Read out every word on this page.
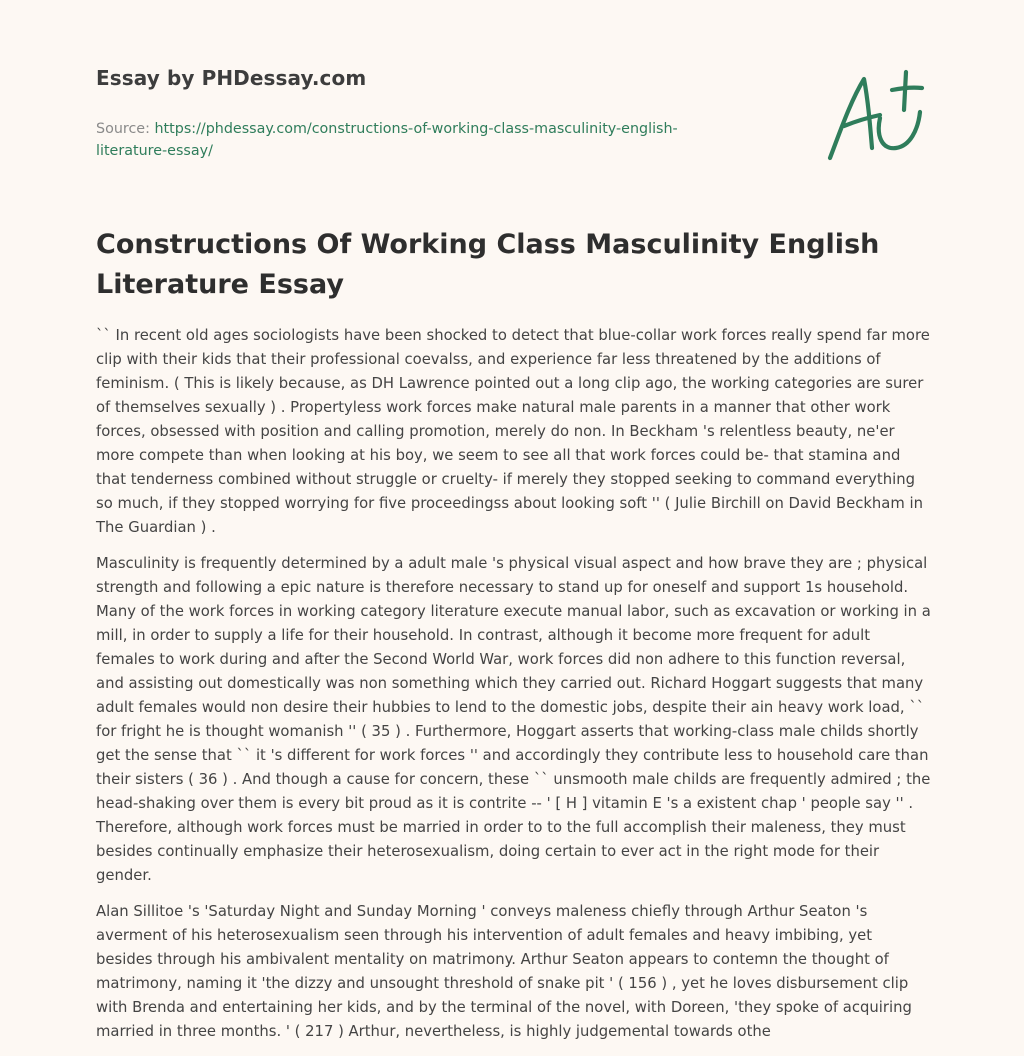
Essay by PHDessay.com
Source: https://phdessay.com/constructions-of-working-class-masculinity-english-
literature-essay/
Constructions Of Working Class Masculinity English Literature Essay

`` In recent old ages sociologists have been shocked to detect that blue-collar work forces really spend far more clip with their kids that their professional coevalss, and experience far less threatened by the additions of feminism. ( This is likely because, as DH Lawrence pointed out a long clip ago, the working categories are surer of themselves sexually ) . Propertyless work forces make natural male parents in a manner that other work forces, obsessed with position and calling promotion, merely do non. In Beckham 's relentless beauty, ne'er more compete than when looking at his boy, we seem to see all that work forces could be- that stamina and that tenderness combined without struggle or cruelty- if merely they stopped seeking to command everything so much, if they stopped worrying for five proceedingss about looking soft '' ( Julie Birchill on David Beckham in The Guardian ) .

Masculinity is frequently determined by a adult male 's physical visual aspect and how brave they are ; physical strength and following a epic nature is therefore necessary to stand up for oneself and support 1s household. Many of the work forces in working category literature execute manual labor, such as excavation or working in a mill, in order to supply a life for their household. In contrast, although it become more frequent for adult females to work during and after the Second World War, work forces did non adhere to this function reversal, and assisting out domestically was non something which they carried out. Richard Hoggart suggests that many adult females would non desire their hubbies to lend to the domestic jobs, despite their ain heavy work load, `` for fright he is thought womanish '' ( 35 ) . Furthermore, Hoggart asserts that working-class male childs shortly get the sense that `` it 's different for work forces '' and accordingly they contribute less to household care than their sisters ( 36 ) . And though a cause for concern, these `` unsmooth male childs are frequently admired ; the head-shaking over them is every bit proud as it is contrite -- ' [ H ] vitamin E 's a existent chap ' people say '' . Therefore, although work forces must be married in order to to the full accomplish their maleness, they must besides continually emphasize their heterosexualism, doing certain to ever act in the right mode for their gender.

Alan Sillitoe 's 'Saturday Night and Sunday Morning ' conveys maleness chiefly through Arthur Seaton 's averment of his heterosexualism seen through his intervention of adult females and heavy imbibing, yet besides through his ambivalent mentality on matrimony. Arthur Seaton appears to contemn the thought of matrimony, naming it 'the dizzy and unsought threshold of snake pit ' ( 156 ) , yet he loves disbursement clip with Brenda and entertaining her kids, and by the terminal of the novel, with Doreen, 'they spoke of acquiring married in three months. ' ( 217 ) Arthur, nevertheless, is highly judgemental towards othe
